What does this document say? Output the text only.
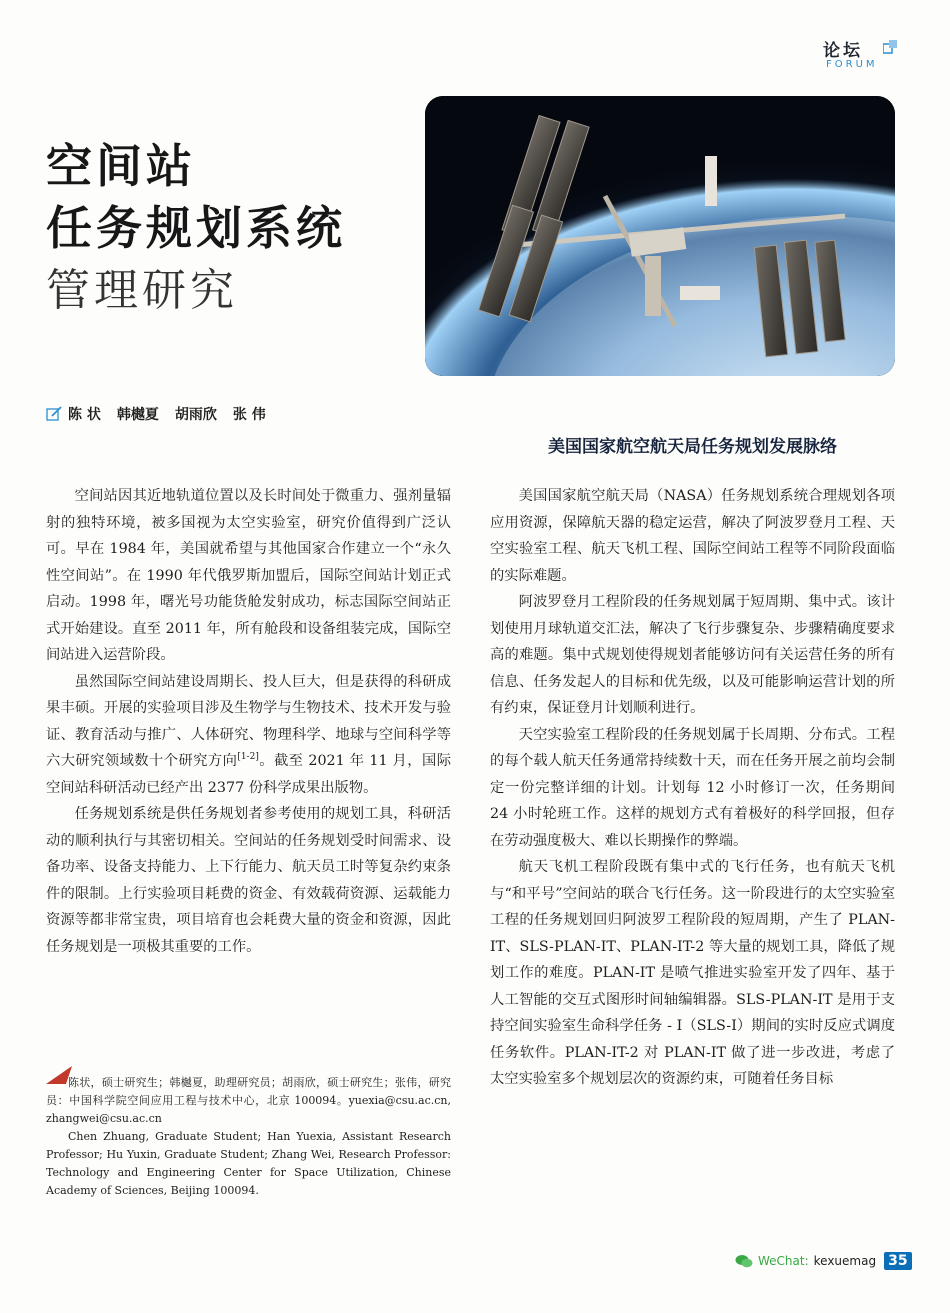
论坛
FORUM
空间站
任务规划系统
管理研究
陈 状 韩樾夏 胡雨欣 张 伟
美国国家航空航天局任务规划发展脉络

空间站因其近地轨道位置以及长时间处于微重力、强剂量辐射的独特环境，被多国视为太空实验室，研究价值得到广泛认可。早在 1984 年，美国就希望与其他国家合作建立一个“永久性空间站”。在 1990 年代俄罗斯加盟后，国际空间站计划正式启动。1998 年，曙光号功能货舱发射成功，标志国际空间站正式开始建设。直至 2011 年，所有舱段和设备组装完成，国际空间站进入运营阶段。

虽然国际空间站建设周期长、投人巨大，但是获得的科研成果丰硕。开展的实验项目涉及生物学与生物技术、技术开发与验证、教育活动与推广、人体研究、物理科学、地球与空间科学等六大研究领域数十个研究方向[1-2]。截至 2021 年 11 月，国际空间站科研活动已经产出 2377 份科学成果出版物。

任务规划系统是供任务规划者参考使用的规划工具，科研活动的顺利执行与其密切相关。空间站的任务规划受时间需求、设备功率、设备支持能力、上下行能力、航天员工时等复杂约束条件的限制。上行实验项目耗费的资金、有效载荷资源、运载能力资源等都非常宝贵，项目培育也会耗费大量的资金和资源，因此任务规划是一项极其重要的工作。

陈状，硕士研究生；韩樾夏，助理研究员；胡雨欣，硕士研究生；张伟，研究员：中国科学院空间应用工程与技术中心，北京 100094。yuexia@csu.ac.cn, zhangwei@csu.ac.cn

Chen Zhuang, Graduate Student; Han Yuexia, Assistant Research Professor; Hu Yuxin, Graduate Student; Zhang Wei, Research Professor: Technology and Engineering Center for Space Utilization, Chinese Academy of Sciences, Beijing 100094.

美国国家航空航天局（NASA）任务规划系统合理规划各项应用资源，保障航天器的稳定运营，解决了阿波罗登月工程、天空实验室工程、航天飞机工程、国际空间站工程等不同阶段面临的实际难题。

阿波罗登月工程阶段的任务规划属于短周期、集中式。该计划使用月球轨道交汇法，解决了飞行步骤复杂、步骤精确度要求高的难题。集中式规划使得规划者能够访问有关运营任务的所有信息、任务发起人的目标和优先级，以及可能影响运营计划的所有约束，保证登月计划顺利进行。

天空实验室工程阶段的任务规划属于长周期、分布式。工程的每个载人航天任务通常持续数十天，而在任务开展之前均会制定一份完整详细的计划。计划每 12 小时修订一次，任务期间 24 小时轮班工作。这样的规划方式有着极好的科学回报，但存在劳动强度极大、难以长期操作的弊端。

航天飞机工程阶段既有集中式的飞行任务，也有航天飞机与“和平号”空间站的联合飞行任务。这一阶段进行的太空实验室工程的任务规划回归阿波罗工程阶段的短周期，产生了 PLAN-IT、SLS-PLAN-IT、PLAN-IT-2 等大量的规划工具，降低了规划工作的难度。PLAN-IT 是喷气推进实验室开发了四年、基于人工智能的交互式图形时间轴编辑器。SLS-PLAN-IT 是用于支持空间实验室生命科学任务 - Ⅰ（SLS-Ⅰ）期间的实时反应式调度任务软件。PLAN-IT-2 对 PLAN-IT 做了进一步改进，考虑了太空实验室多个规划层次的资源约束，可随着任务目标

WeChat: kexuemag 35
